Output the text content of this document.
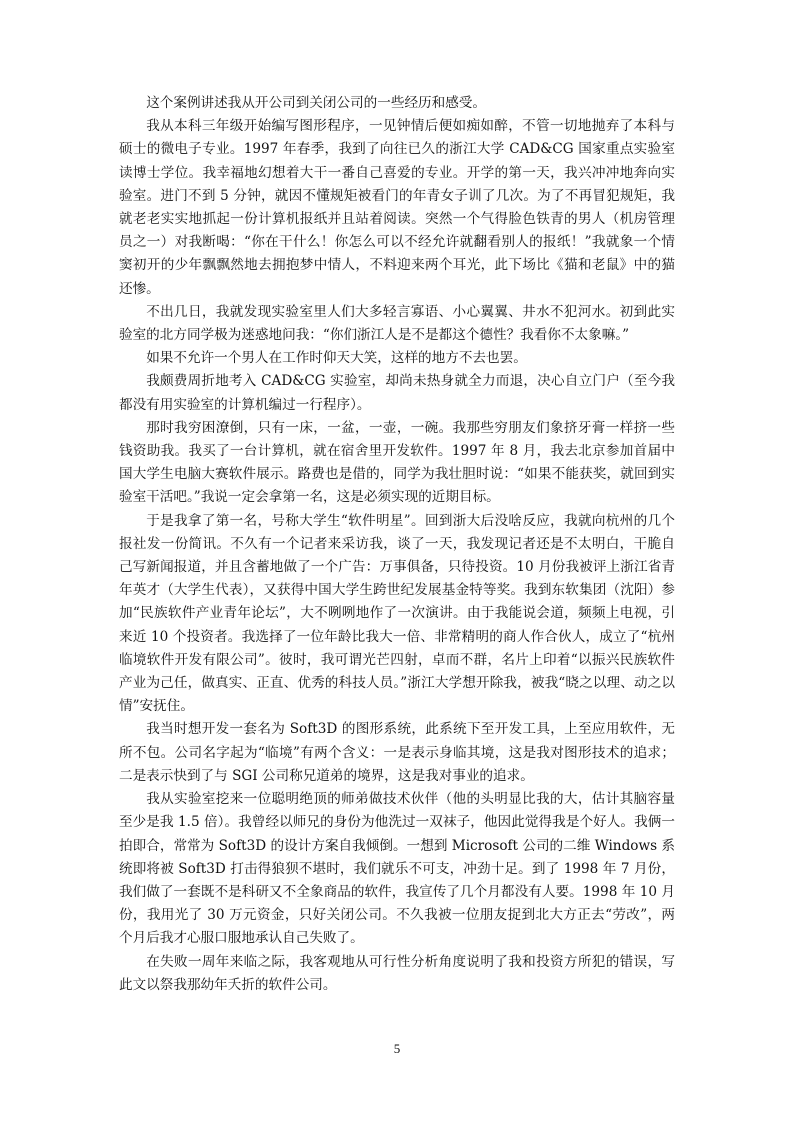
这个案例讲述我从开公司到关闭公司的一些经历和感受。

我从本科三年级开始编写图形程序，一见钟情后便如痴如醉，不管一切地抛弃了本科与硕士的微电子专业。1997 年春季，我到了向往已久的浙江大学 CAD&CG 国家重点实验室读博士学位。我幸福地幻想着大干一番自己喜爱的专业。开学的第一天，我兴冲冲地奔向实验室。进门不到 5 分钟，就因不懂规矩被看门的年青女子训了几次。为了不再冒犯规矩，我就老老实实地抓起一份计算机报纸并且站着阅读。突然一个气得脸色铁青的男人（机房管理员之一）对我断喝：“你在干什么！你怎么可以不经允许就翻看别人的报纸！”我就象一个情窦初开的少年飘飘然地去拥抱梦中情人，不料迎来两个耳光，此下场比《猫和老鼠》中的猫还惨。

不出几日，我就发现实验室里人们大多轻言寡语、小心翼翼、井水不犯河水。初到此实验室的北方同学极为迷惑地问我：“你们浙江人是不是都这个德性？我看你不太象嘛。”

如果不允许一个男人在工作时仰天大笑，这样的地方不去也罢。

我颇费周折地考入 CAD&CG 实验室，却尚未热身就全力而退，决心自立门户（至今我都没有用实验室的计算机编过一行程序）。

那时我穷困潦倒，只有一床，一盆，一壶，一碗。我那些穷朋友们象挤牙膏一样挤一些钱资助我。我买了一台计算机，就在宿舍里开发软件。1997 年 8 月，我去北京参加首届中国大学生电脑大赛软件展示。路费也是借的，同学为我壮胆时说：“如果不能获奖，就回到实验室干活吧。”我说一定会拿第一名，这是必须实现的近期目标。

于是我拿了第一名，号称大学生“软件明星”。回到浙大后没啥反应，我就向杭州的几个报社发一份简讯。不久有一个记者来采访我，谈了一天，我发现记者还是不太明白，干脆自己写新闻报道，并且含蓄地做了一个广告：万事俱备，只待投资。10 月份我被评上浙江省青年英才（大学生代表），又获得中国大学生跨世纪发展基金特等奖。我到东软集团（沈阳）参加“民族软件产业青年论坛”，大不咧咧地作了一次演讲。由于我能说会道，频频上电视，引来近 10 个投资者。我选择了一位年龄比我大一倍、非常精明的商人作合伙人，成立了“杭州临境软件开发有限公司”。彼时，我可谓光芒四射，卓而不群，名片上印着“以振兴民族软件产业为己任，做真实、正直、优秀的科技人员。”浙江大学想开除我，被我“晓之以理、动之以情”安抚住。

我当时想开发一套名为 Soft3D 的图形系统，此系统下至开发工具，上至应用软件，无所不包。公司名字起为“临境”有两个含义：一是表示身临其境，这是我对图形技术的追求；二是表示快到了与 SGI 公司称兄道弟的境界，这是我对事业的追求。

我从实验室挖来一位聪明绝顶的师弟做技术伙伴（他的头明显比我的大，估计其脑容量至少是我 1.5 倍）。我曾经以师兄的身份为他洗过一双袜子，他因此觉得我是个好人。我俩一拍即合，常常为 Soft3D 的设计方案自我倾倒。一想到 Microsoft 公司的二维 Windows 系统即将被 Soft3D 打击得狼狈不堪时，我们就乐不可支，冲劲十足。到了 1998 年 7 月份，我们做了一套既不是科研又不全象商品的软件，我宣传了几个月都没有人要。1998 年 10 月份，我用光了 30 万元资金，只好关闭公司。不久我被一位朋友捉到北大方正去“劳改”，两个月后我才心服口服地承认自己失败了。

在失败一周年来临之际，我客观地从可行性分析角度说明了我和投资方所犯的错误，写此文以祭我那幼年夭折的软件公司。

5
